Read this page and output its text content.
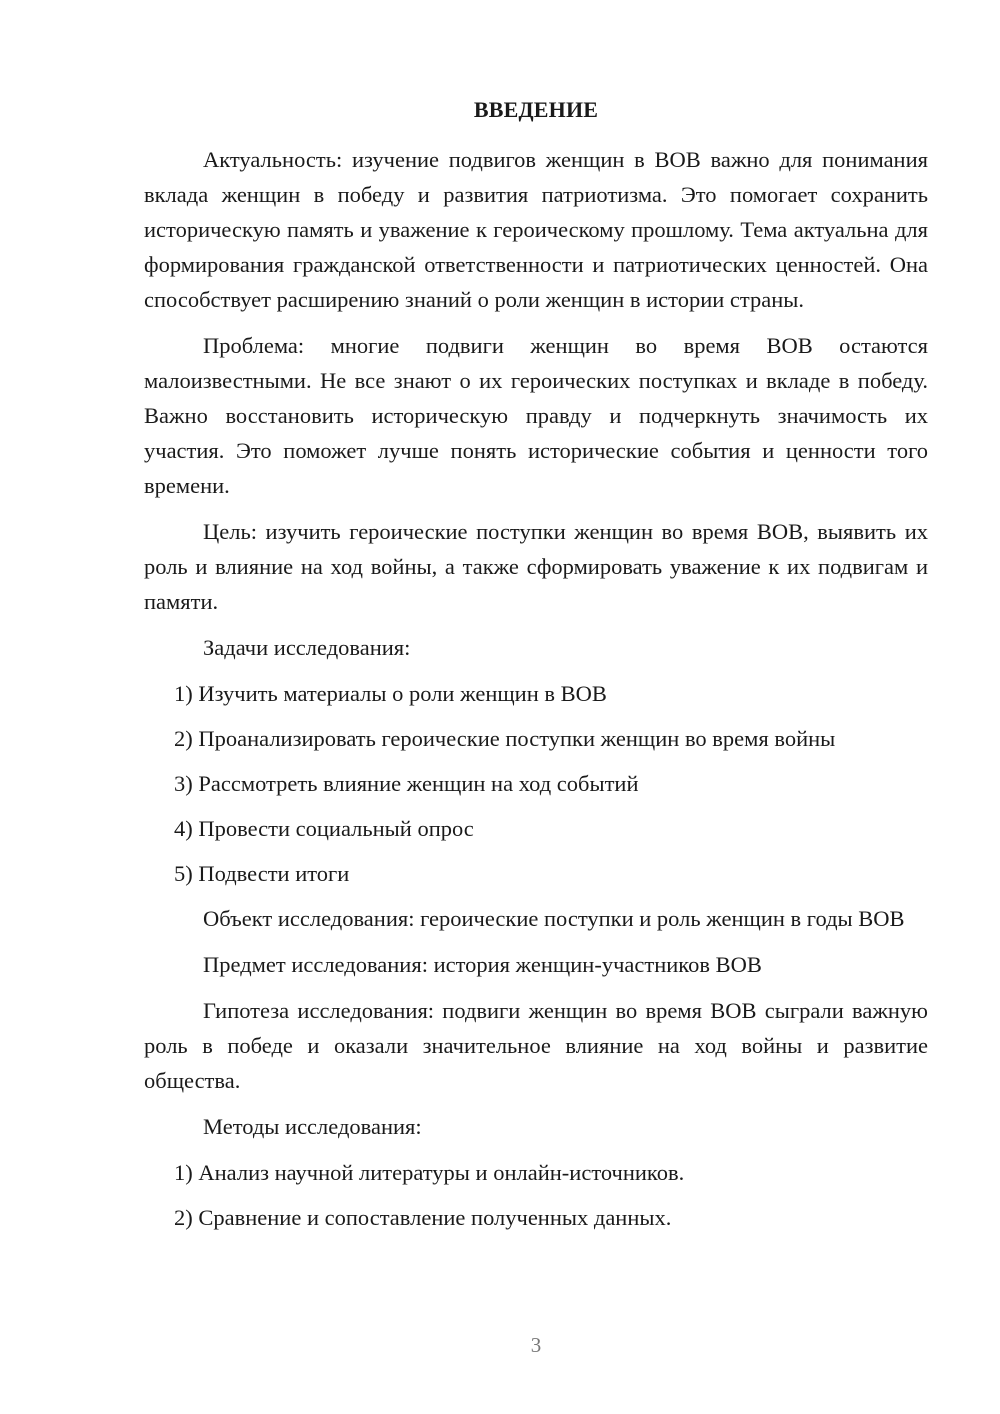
ВВЕДЕНИЕ

Актуальность: изучение подвигов женщин в ВОВ важно для понимания вклада женщин в победу и развития патриотизма. Это помогает сохранить историческую память и уважение к героическому прошлому. Тема актуальна для формирования гражданской ответственности и патриотических ценностей. Она способствует расширению знаний о роли женщин в истории страны.

Проблема: многие подвиги женщин во время ВОВ остаются малоизвестными. Не все знают о их героических поступках и вкладе в победу. Важно восстановить историческую правду и подчеркнуть значимость их участия. Это поможет лучше понять исторические события и ценности того времени.

Цель: изучить героические поступки женщин во время ВОВ, выявить их роль и влияние на ход войны, а также сформировать уважение к их подвигам и памяти.

Задачи исследования:

1) Изучить материалы о роли женщин в ВОВ

2) Проанализировать героические поступки женщин во время войны

3) Рассмотреть влияние женщин на ход событий

4) Провести социальный опрос

5) Подвести итоги

Объект исследования: героические поступки и роль женщин в годы ВОВ

Предмет исследования: история женщин-участников ВОВ

Гипотеза исследования: подвиги женщин во время ВОВ сыграли важную роль в победе и оказали значительное влияние на ход войны и развитие общества.

Методы исследования:

1) Анализ научной литературы и онлайн-источников.

2) Сравнение и сопоставление полученных данных.

3
